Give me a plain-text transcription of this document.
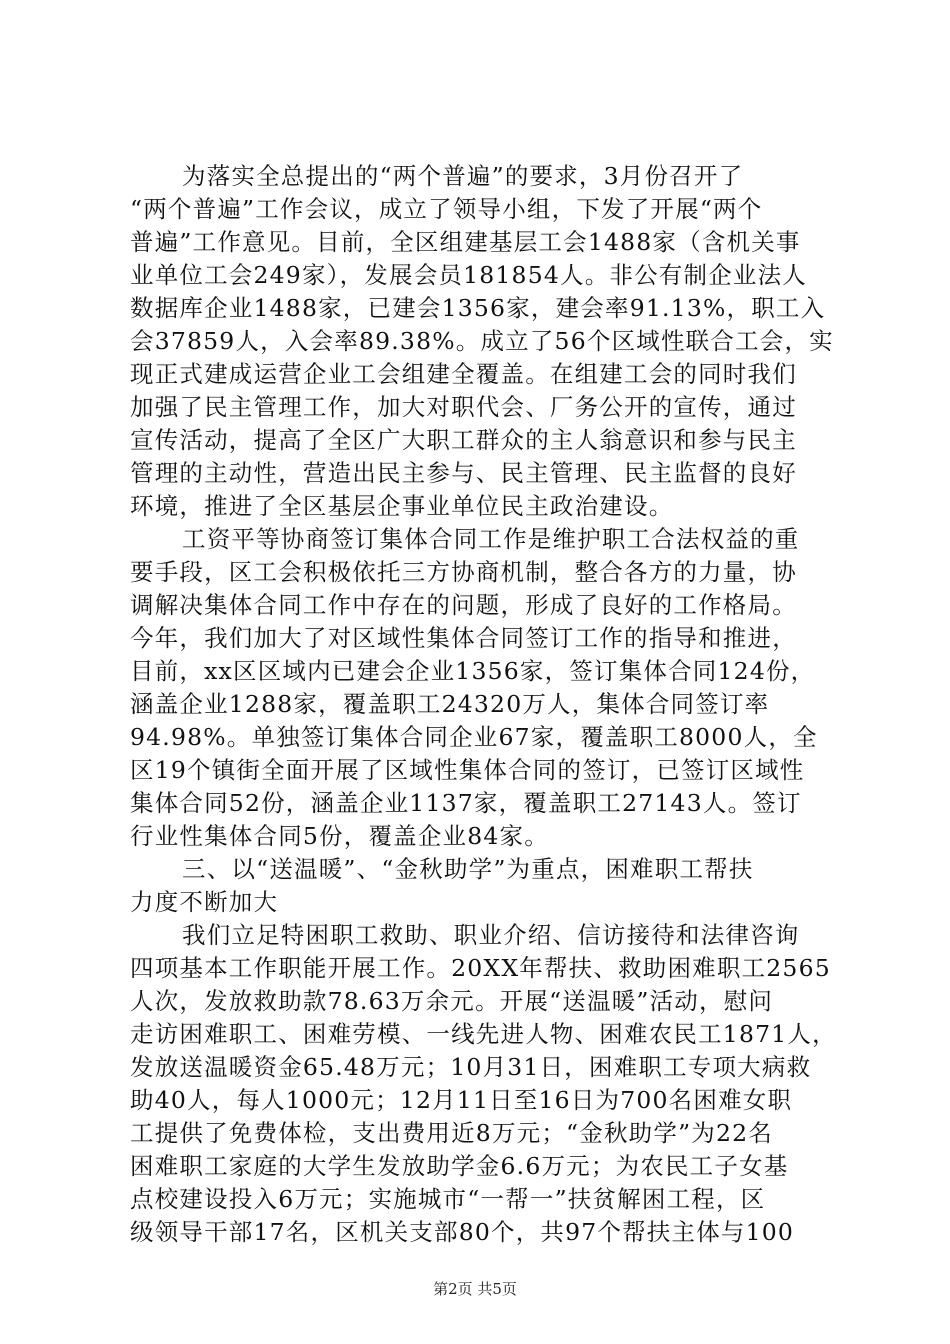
为落实全总提出的“两个普遍”的要求，3月份召开了
“两个普遍”工作会议，成立了领导小组，下发了开展“两个
普遍”工作意见。目前，全区组建基层工会1488家（含机关事
业单位工会249家），发展会员181854人。非公有制企业法人
数据库企业1488家，已建会1356家，建会率91.13%，职工入
会37859人，入会率89.38%。成立了56个区域性联合工会，实
现正式建成运营企业工会组建全覆盖。在组建工会的同时我们
加强了民主管理工作，加大对职代会、厂务公开的宣传，通过
宣传活动，提高了全区广大职工群众的主人翁意识和参与民主
管理的主动性，营造出民主参与、民主管理、民主监督的良好
环境，推进了全区基层企事业单位民主政治建设。
工资平等协商签订集体合同工作是维护职工合法权益的重
要手段，区工会积极依托三方协商机制，整合各方的力量，协
调解决集体合同工作中存在的问题，形成了良好的工作格局。
今年，我们加大了对区域性集体合同签订工作的指导和推进，
目前，xx区区域内已建会企业1356家，签订集体合同124份，
涵盖企业1288家，覆盖职工24320万人，集体合同签订率
94.98%。单独签订集体合同企业67家，覆盖职工8000人，全
区19个镇街全面开展了区域性集体合同的签订，已签订区域性
集体合同52份，涵盖企业1137家，覆盖职工27143人。签订
行业性集体合同5份，覆盖企业84家。
三、以“送温暖”、“金秋助学”为重点，困难职工帮扶
力度不断加大
我们立足特困职工救助、职业介绍、信访接待和法律咨询
四项基本工作职能开展工作。20XX年帮扶、救助困难职工2565
人次，发放救助款78.63万余元。开展“送温暖”活动，慰问
走访困难职工、困难劳模、一线先进人物、困难农民工1871人，
发放送温暖资金65.48万元；10月31日，困难职工专项大病救
助40人，每人1000元；12月11日至16日为700名困难女职
工提供了免费体检，支出费用近8万元；“金秋助学”为22名
困难职工家庭的大学生发放助学金6.6万元；为农民工子女基
点校建设投入6万元；实施城市“一帮一”扶贫解困工程，区
级领导干部17名，区机关支部80个，共97个帮扶主体与100
第2页 共5页
